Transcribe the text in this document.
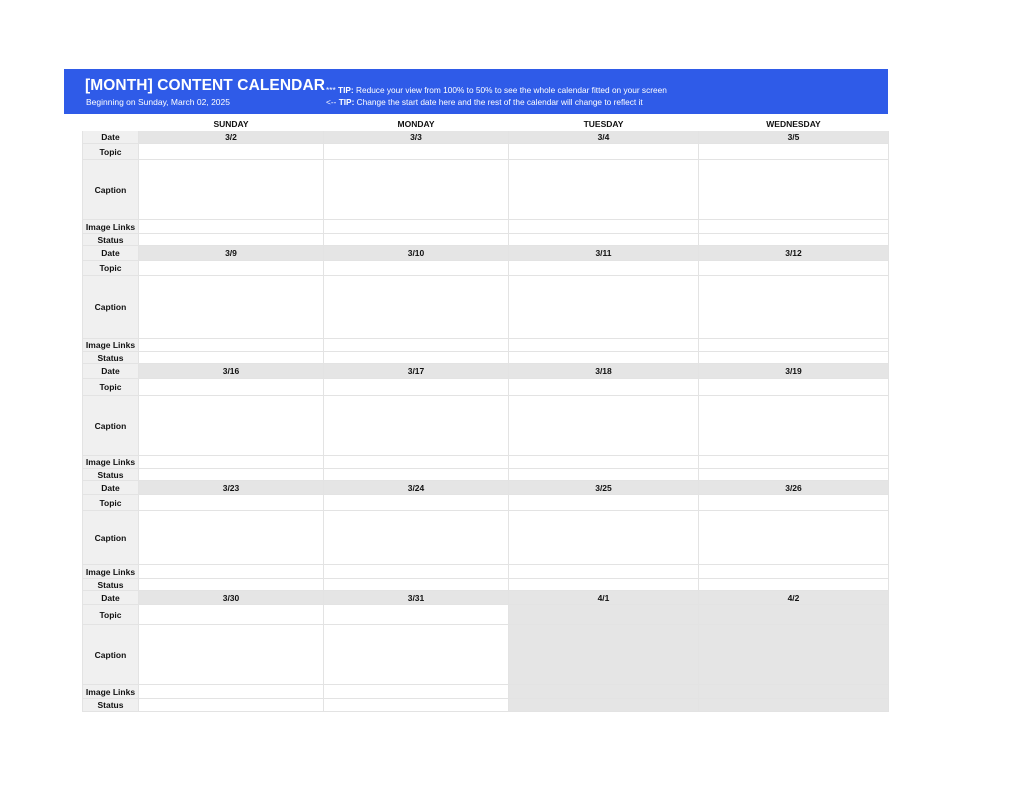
[MONTH] CONTENT CALENDAR
Beginning on Sunday, March 02, 2025
*** TIP: Reduce your view from 100% to 50% to see the whole calendar fitted on your screen
<-- TIP: Change the start date here and the rest of the calendar will change to reflect it
	SUNDAY	MONDAY	TUESDAY	WEDNESDAY
Date	3/2	3/3	3/4	3/5
Topic				
Caption				
Image Links				
Status				
Date	3/9	3/10	3/11	3/12
Topic				
Caption				
Image Links				
Status				
Date	3/16	3/17	3/18	3/19
Topic				
Caption				
Image Links				
Status				
Date	3/23	3/24	3/25	3/26
Topic				
Caption				
Image Links				
Status				
Date	3/30	3/31	4/1	4/2
Topic				
Caption				
Image Links				
Status				
